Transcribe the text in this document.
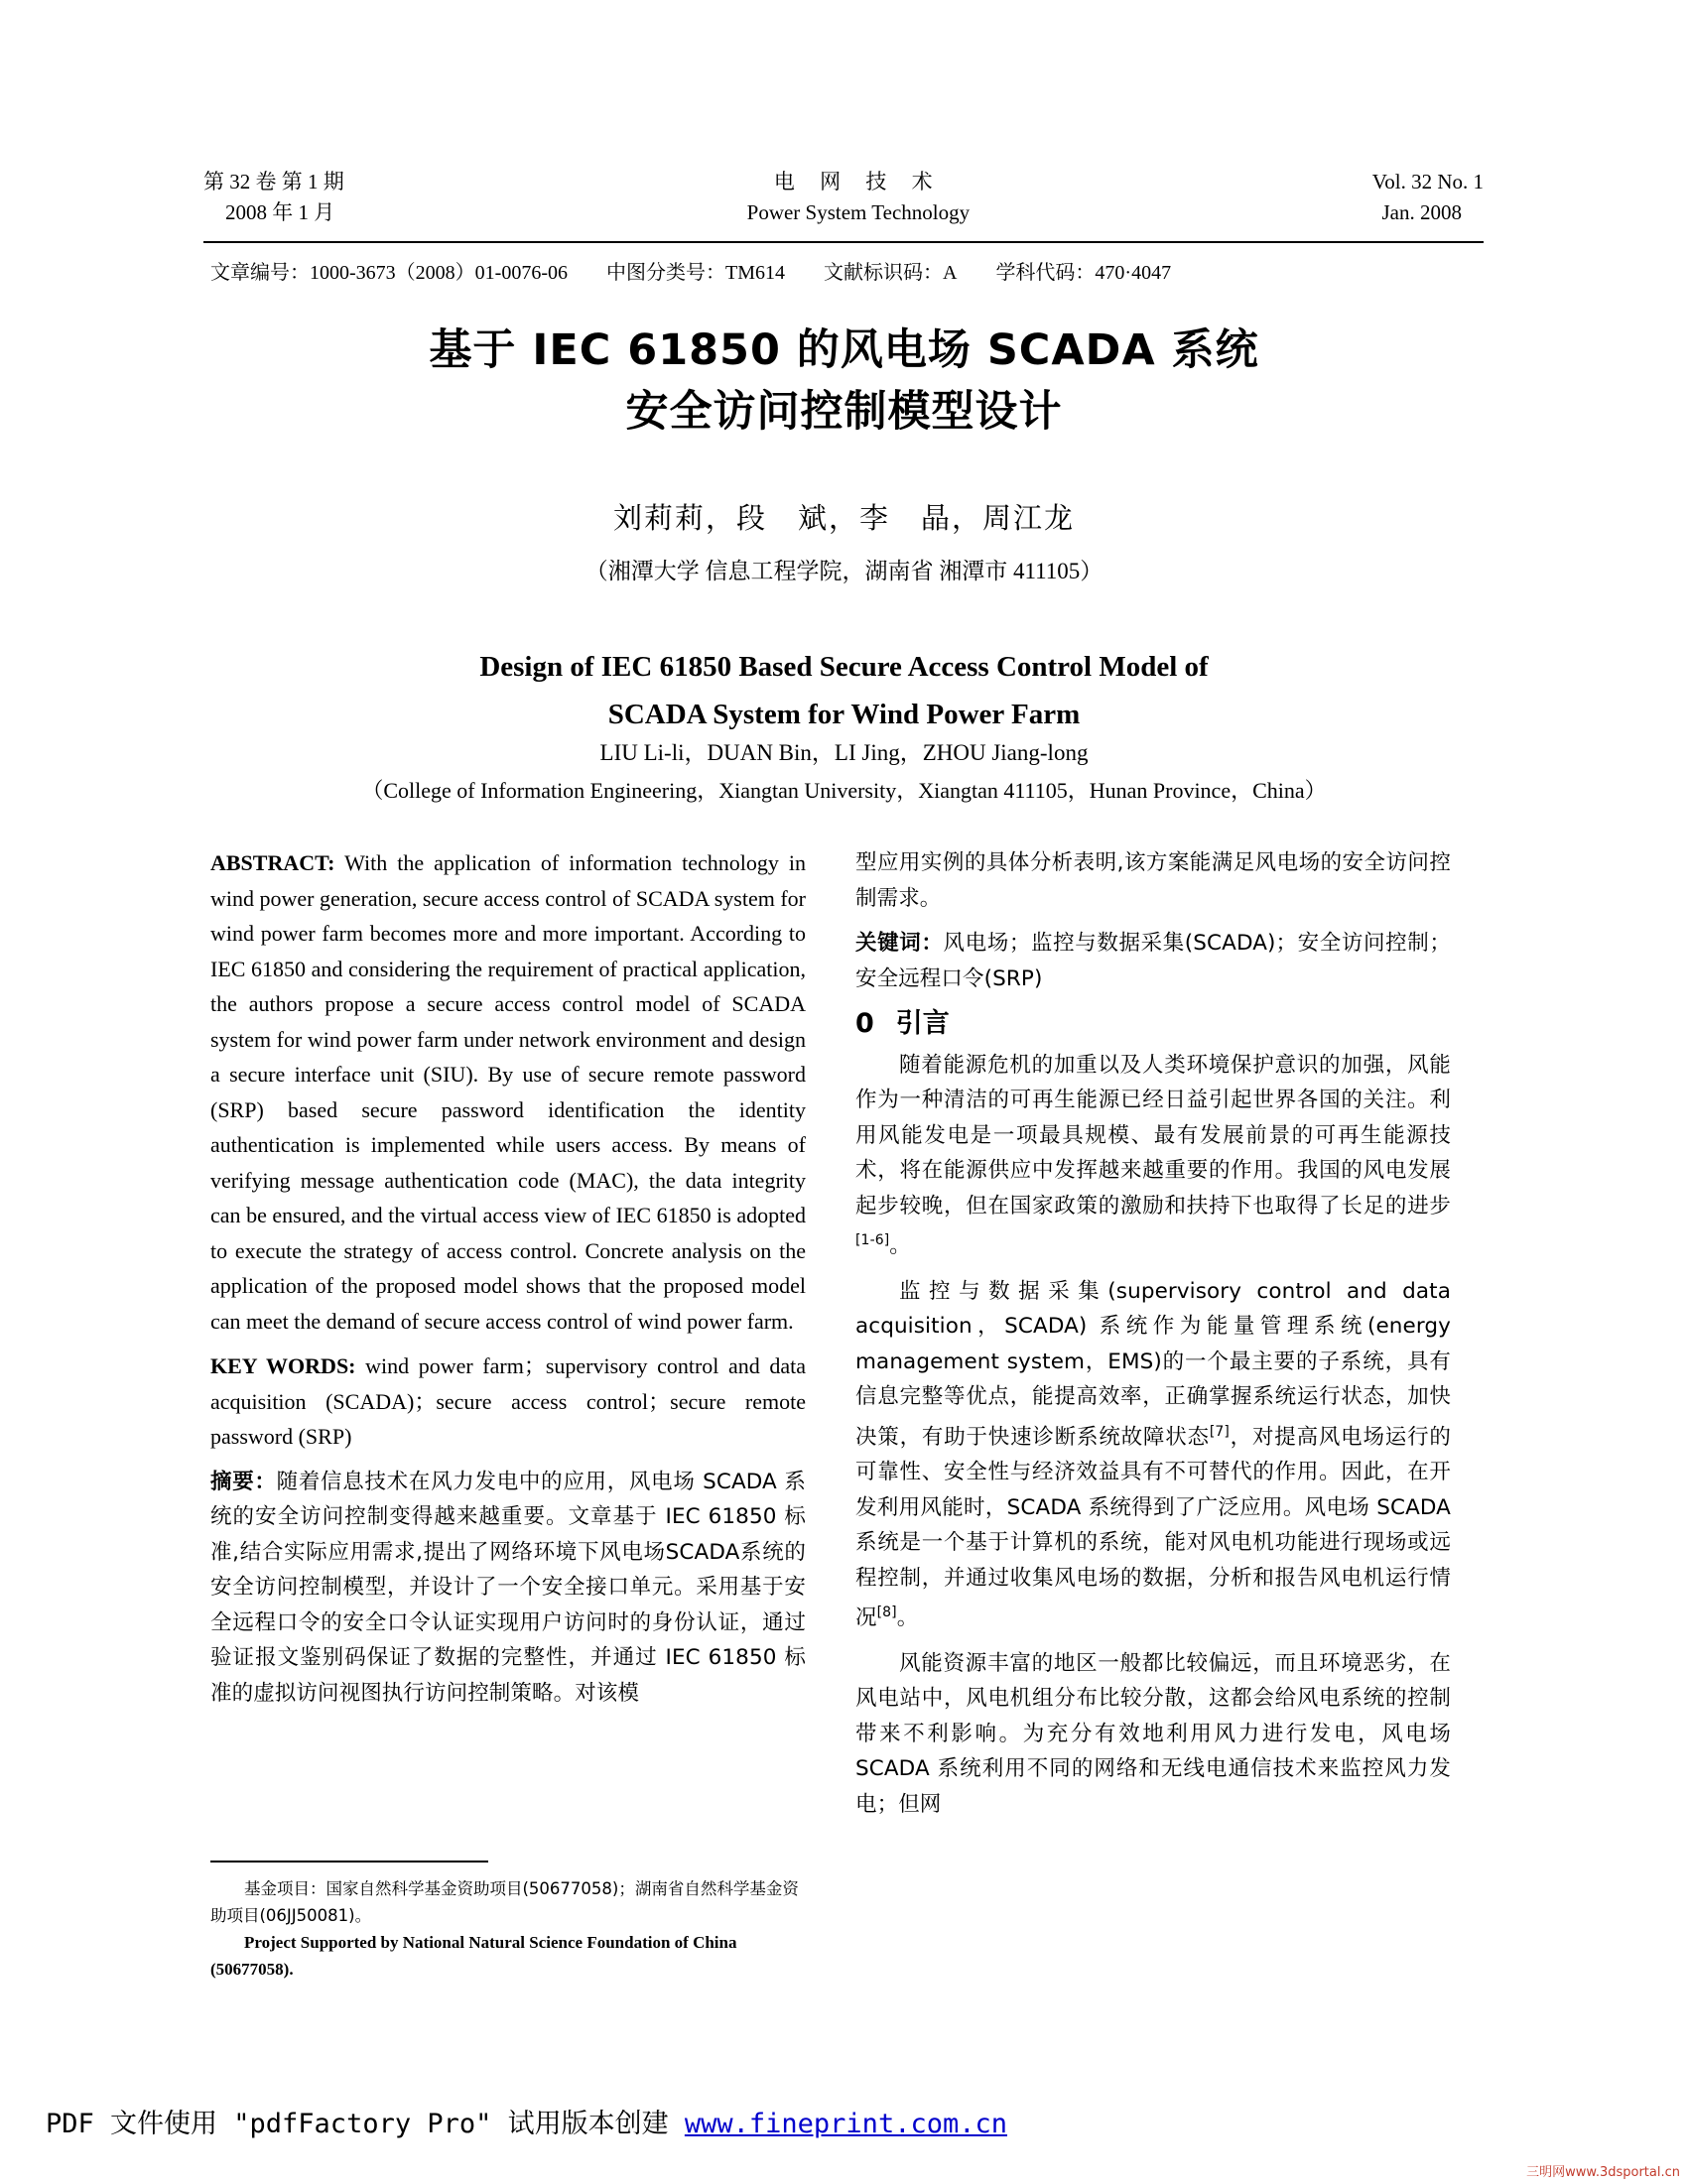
第 32 卷 第 1 期	电 网 技 术	Vol. 32 No. 1
2008 年 1 月	Power System Technology	Jan. 2008
文章编号：1000-3673（2008）01-0076-06 中图分类号：TM614 文献标识码：A 学科代码：470·4047
基于 IEC 61850 的风电场 SCADA 系统
安全访问控制模型设计
刘莉莉，段　斌，李　晶，周江龙
（湘潭大学 信息工程学院，湖南省 湘潭市 411105）
Design of IEC 61850 Based Secure Access Control Model of
SCADA System for Wind Power Farm
LIU Li-li，DUAN Bin，LI Jing，ZHOU Jiang-long
（College of Information Engineering，Xiangtan University，Xiangtan 411105，Hunan Province，China）

ABSTRACT: With the application of information technology in wind power generation, secure access control of SCADA system for wind power farm becomes more and more important. According to IEC 61850 and considering the requirement of practical application, the authors propose a secure access control model of SCADA system for wind power farm under network environment and design a secure interface unit (SIU). By use of secure remote password (SRP) based secure password identification the identity authentication is implemented while users access. By means of verifying message authentication code (MAC), the data integrity can be ensured, and the virtual access view of IEC 61850 is adopted to execute the strategy of access control. Concrete analysis on the application of the proposed model shows that the proposed model can meet the demand of secure access control of wind power farm.

KEY WORDS: wind power farm；supervisory control and data acquisition (SCADA)；secure access control；secure remote password (SRP)

摘要：随着信息技术在风力发电中的应用，风电场 SCADA 系统的安全访问控制变得越来越重要。文章基于 IEC 61850 标准,结合实际应用需求,提出了网络环境下风电场SCADA系统的安全访问控制模型，并设计了一个安全接口单元。采用基于安全远程口令的安全口令认证实现用户访问时的身份认证，通过验证报文鉴别码保证了数据的完整性，并通过 IEC 61850 标准的虚拟访问视图执行访问控制策略。对该模

型应用实例的具体分析表明,该方案能满足风电场的安全访问控制需求。

关键词：风电场；监控与数据采集(SCADA)；安全访问控制；安全远程口令(SRP)

0 引言

随着能源危机的加重以及人类环境保护意识的加强，风能作为一种清洁的可再生能源已经日益引起世界各国的关注。利用风能发电是一项最具规模、最有发展前景的可再生能源技术，将在能源供应中发挥越来越重要的作用。我国的风电发展起步较晚，但在国家政策的激励和扶持下也取得了长足的进步[1-6]。

监控与数据采集(supervisory control and data acquisition，SCADA) 系统作为能量管理系统(energy management system，EMS)的一个最主要的子系统，具有信息完整等优点，能提高效率，正确掌握系统运行状态，加快决策，有助于快速诊断系统故障状态[7]，对提高风电场运行的可靠性、安全性与经济效益具有不可替代的作用。因此，在开发利用风能时，SCADA 系统得到了广泛应用。风电场 SCADA 系统是一个基于计算机的系统，能对风电机功能进行现场或远程控制，并通过收集风电场的数据，分析和报告风电机运行情况[8]。

风能资源丰富的地区一般都比较偏远，而且环境恶劣，在风电站中，风电机组分布比较分散，这都会给风电系统的控制带来不利影响。为充分有效地利用风力进行发电，风电场 SCADA 系统利用不同的网络和无线电通信技术来监控风力发电；但网

基金项目：国家自然科学基金资助项目(50677058)；湖南省自然科学基金资助项目(06JJ50081)。
Project Supported by National Natural Science Foundation of China (50677058).
PDF 文件使用 "pdfFactory Pro" 试用版本创建 www.fineprint.com.cn
三明网www.3dsportal.cn
